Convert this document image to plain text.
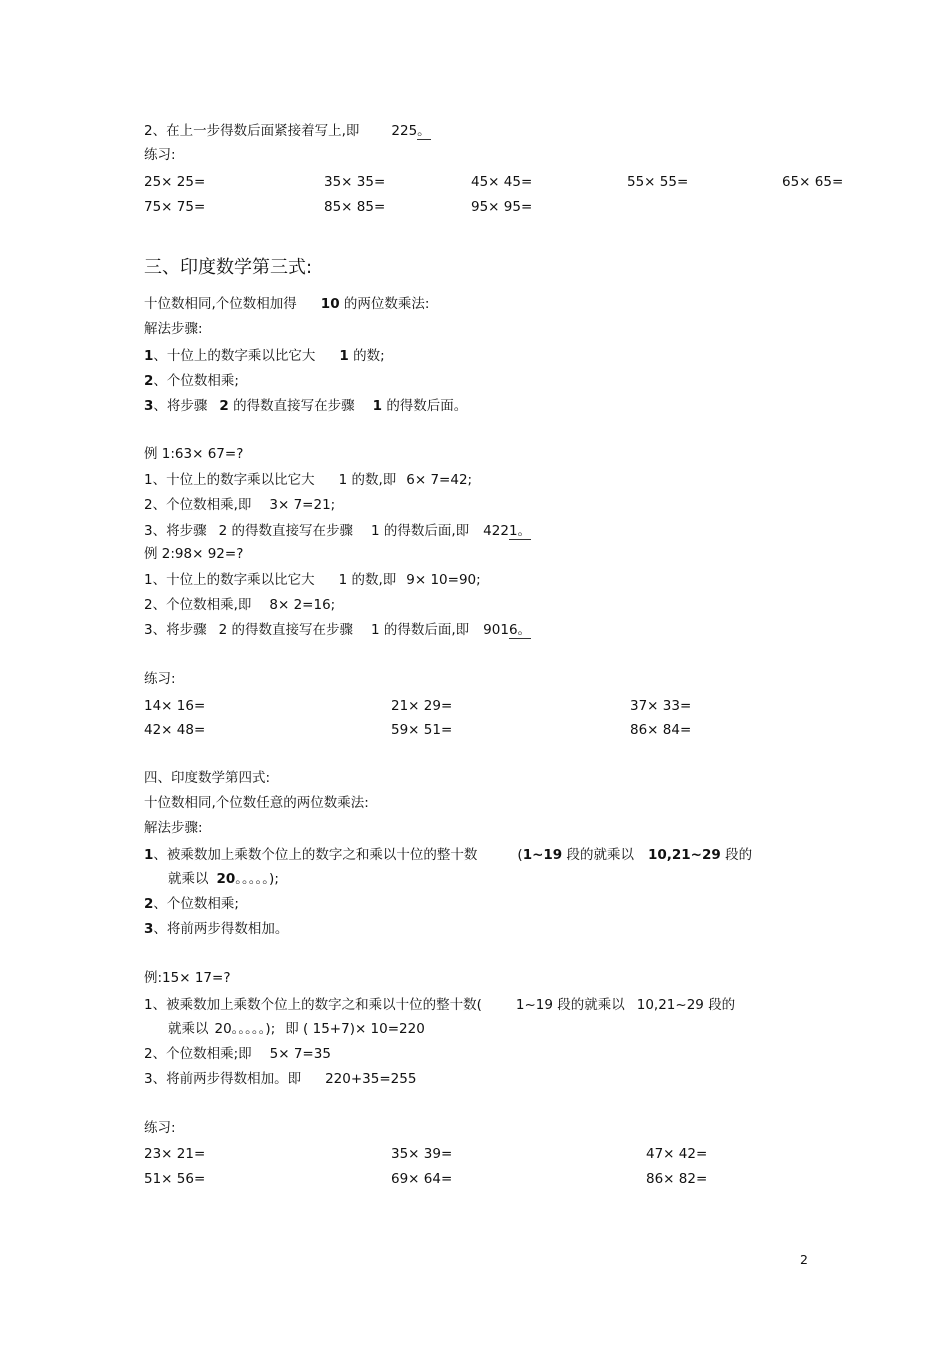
2、在上一步得数后面紧接着写上,即 225。
练习:
25× 25=	35× 35=	45× 45=	55× 55=	65× 65=
75× 75=	85× 85=	95× 95=
三、印度数学第三式:
十位数相同,个位数相加得 10 的两位数乘法:
解法步骤:
1、十位上的数字乘以比它大 1 的数;
2、个位数相乘;
3、将步骤 2 的得数直接写在步骤 1 的得数后面。
例 1:63× 67=?
1、十位上的数字乘以比它大 1 的数,即 6× 7=42;
2、个位数相乘,即 3× 7=21;
3、将步骤 2 的得数直接写在步骤 1 的得数后面,即 4221。
例 2:98× 92=?
1、十位上的数字乘以比它大 1 的数,即 9× 10=90;
2、个位数相乘,即 8× 2=16;
3、将步骤 2 的得数直接写在步骤 1 的得数后面,即 9016。
练习:
14× 16=	21× 29=	37× 33=
42× 48=	59× 51=	86× 84=
四、印度数学第四式:
十位数相同,个位数任意的两位数乘法:
解法步骤:
1、被乘数加上乘数个位上的数字之和乘以十位的整十数	(1~19 段的就乘以 10,21~29 段的
就乘以 20。。。。。);
2、个位数相乘;
3、将前两步得数相加。
例:15× 17=?
1、被乘数加上乘数个位上的数字之和乘以十位的整十数(	1~19 段的就乘以 10,21~29 段的
就乘以 20。。。。。); 即 ( 15+7)× 10=220
2、个位数相乘;即 5× 7=35
3、将前两步得数相加。即 220+35=255
练习:
23× 21=	35× 39=	47× 42=
51× 56=	69× 64=	86× 82=
2
